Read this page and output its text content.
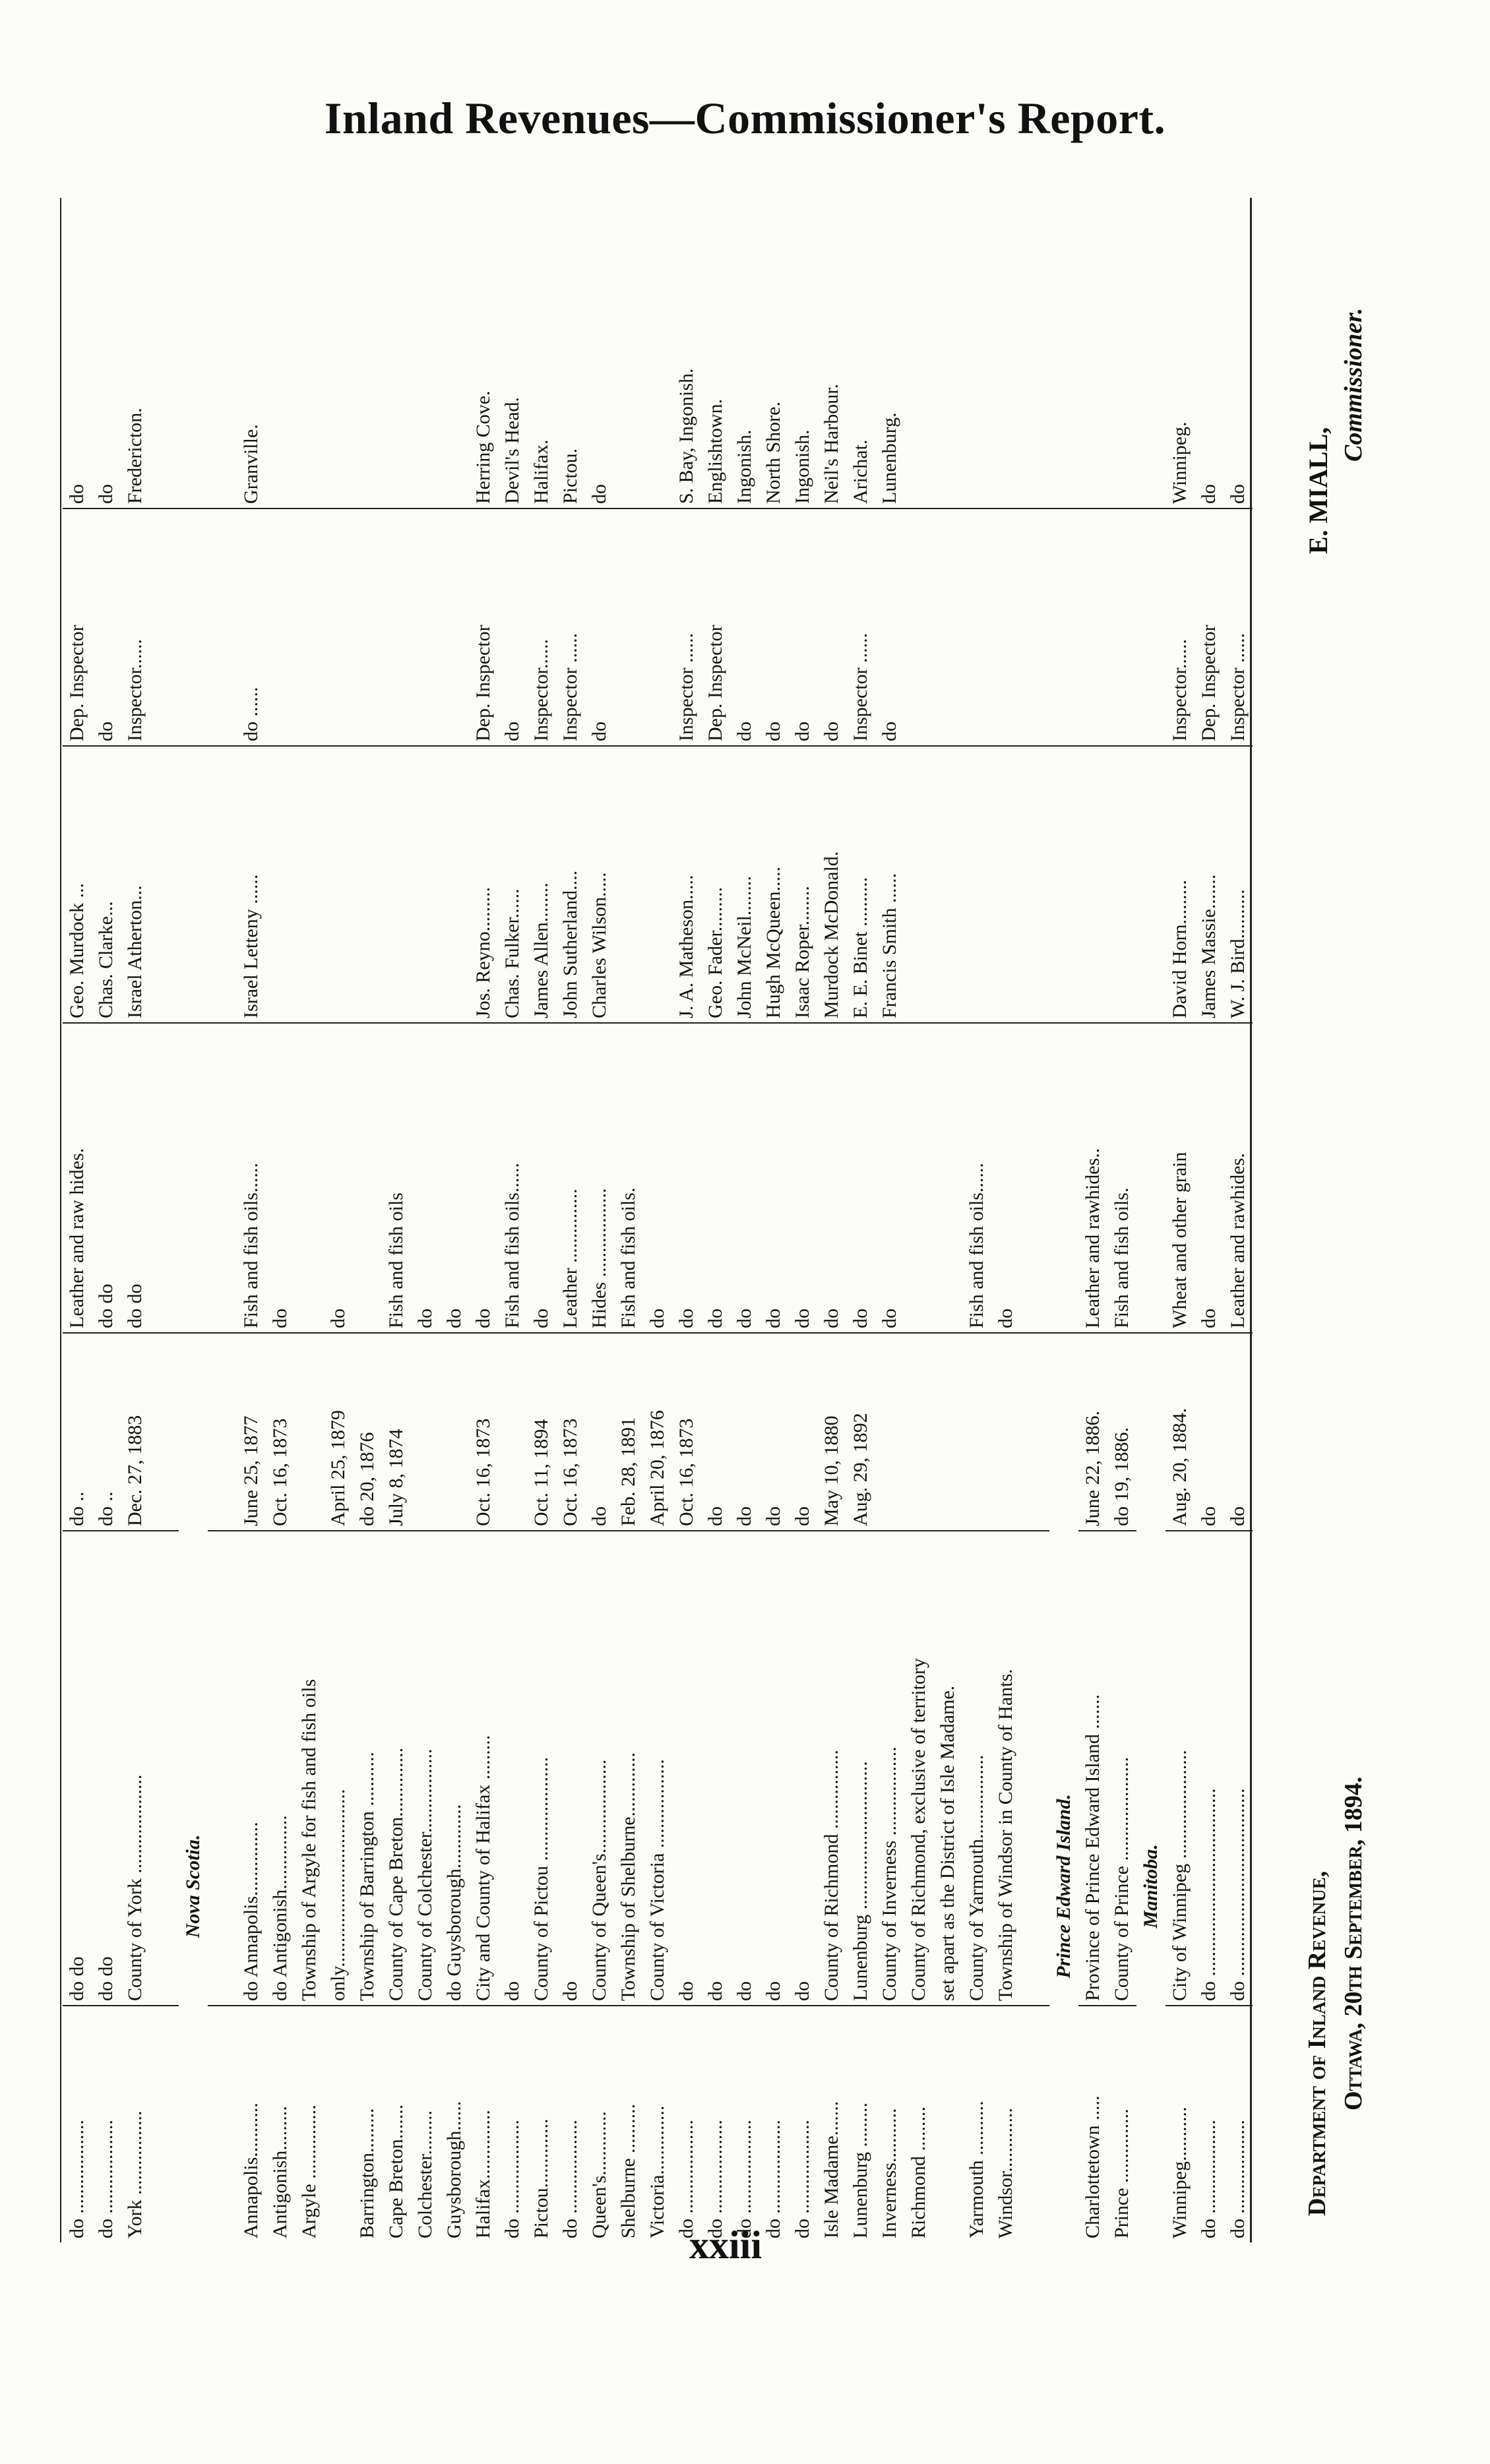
Inland Revenues—Commissioner's Report.
do ...................
do do
do ..
Leather and raw hides.
Geo. Murdock ...
Dep. Inspector
do
do ...................
do do
do ..
do do
Chas. Clarke...
do
do
York .................
County of York ....................
Dec. 27, 1883
do do
Israel Atherton...
Inspector......
Fredericton.
Nova Scotia.
Annapolis...........
do Annapolis...............
June 25, 1877
Fish and fish oils......
Israel Letteny ......
do ......
Granville.
Antigonish.........
do Antigonish...............
Oct. 16, 1873
do
Argyle ...............
Township of Argyle for fish and fish oils only....................................
April 25, 1879
do
Barrington.........
Township of Barrington ...........
do 20, 1876
Cape Breton.......
County of Cape Breton..............
July 8, 1874
Fish and fish oils
Colchester.........
County of Colchester.................
do
Guysborough......
do Guysborough.............
do
Halifax..............
City and County of Halifax .........
Oct. 16, 1873
do
Jos. Reyno.........
Dep. Inspector
Herring Cove.
do ...................
do
Fish and fish oils......
Chas. Fulker......
do
Devil's Head.
Pictou..............
County of Pictou .....................
Oct. 11, 1894
do
James Allen........
Inspector......
Halifax.
do ...................
do
Oct. 16, 1873
Leather ...............
John Sutherland....
Inspector ......
Pictou.
Queen's.............
County of Queen's...................
do
Hides ..................
Charles Wilson.....
do
do
Shelburne ..........
Township of Shelburne.............
Feb. 28, 1891
Fish and fish oils.
Victoria..............
County of Victoria ..................
April 20, 1876
do
do ...................
do
Oct. 16, 1873
do
J. A. Matheson.....
Inspector ......
S. Bay, Ingonish.
do ...................
do
do
do
Geo. Fader.........
Dep. Inspector
Englishtown.
do ...................
do
do
do
John McNeil........
do
Ingonish.
do ...................
do
do
do
Hugh McQueen.....
do
North Shore.
do ...................
do
do
do
Isaac Roper........
do
Ingonish.
Isle Madame.......
County of Richmond ................
May 10, 1880
do
Murdock McDonald.
do
Neil's Harbour.
Lunenburg .........
Lunenburg ..............................
Aug. 29, 1892
do
E. E. Binet ..........
Inspector ......
Arichat.
Inverness...........
County of Inverness ..................
do
Francis Smith ......
do
Lunenburg.
Richmond .........
County of Richmond, exclusive of territory set apart as the District of Isle Madame.
Yarmouth ...........
County of Yarmouth.................
Fish and fish oils......
Windsor.............
Township of Windsor in County of Hants.
do
Prince Edward Island.
Charlottetown .....
Province of Prince Edward Island .......
June 22, 1886.
Leather and rawhides..
Prince ...............
County of Prince .....................
do 19, 1886.
Fish and fish oils.
Manitoba.
Winnipeg...........
City of Winnipeg ......................
Aug. 20, 1884.
Wheat and other grain
David Horn.........
Inspector......
Winnipeg.
do ...................
do ......................................
do
do
James Massie.......
Dep. Inspector
do
do ...................
do ......................................
do
Leather and rawhides.
W. J. Bird..........
Inspector ......
do
Department of Inland Revenue, Ottawa, 20th September, 1894.
E. MIALL,
Commissioner.
xxiii
